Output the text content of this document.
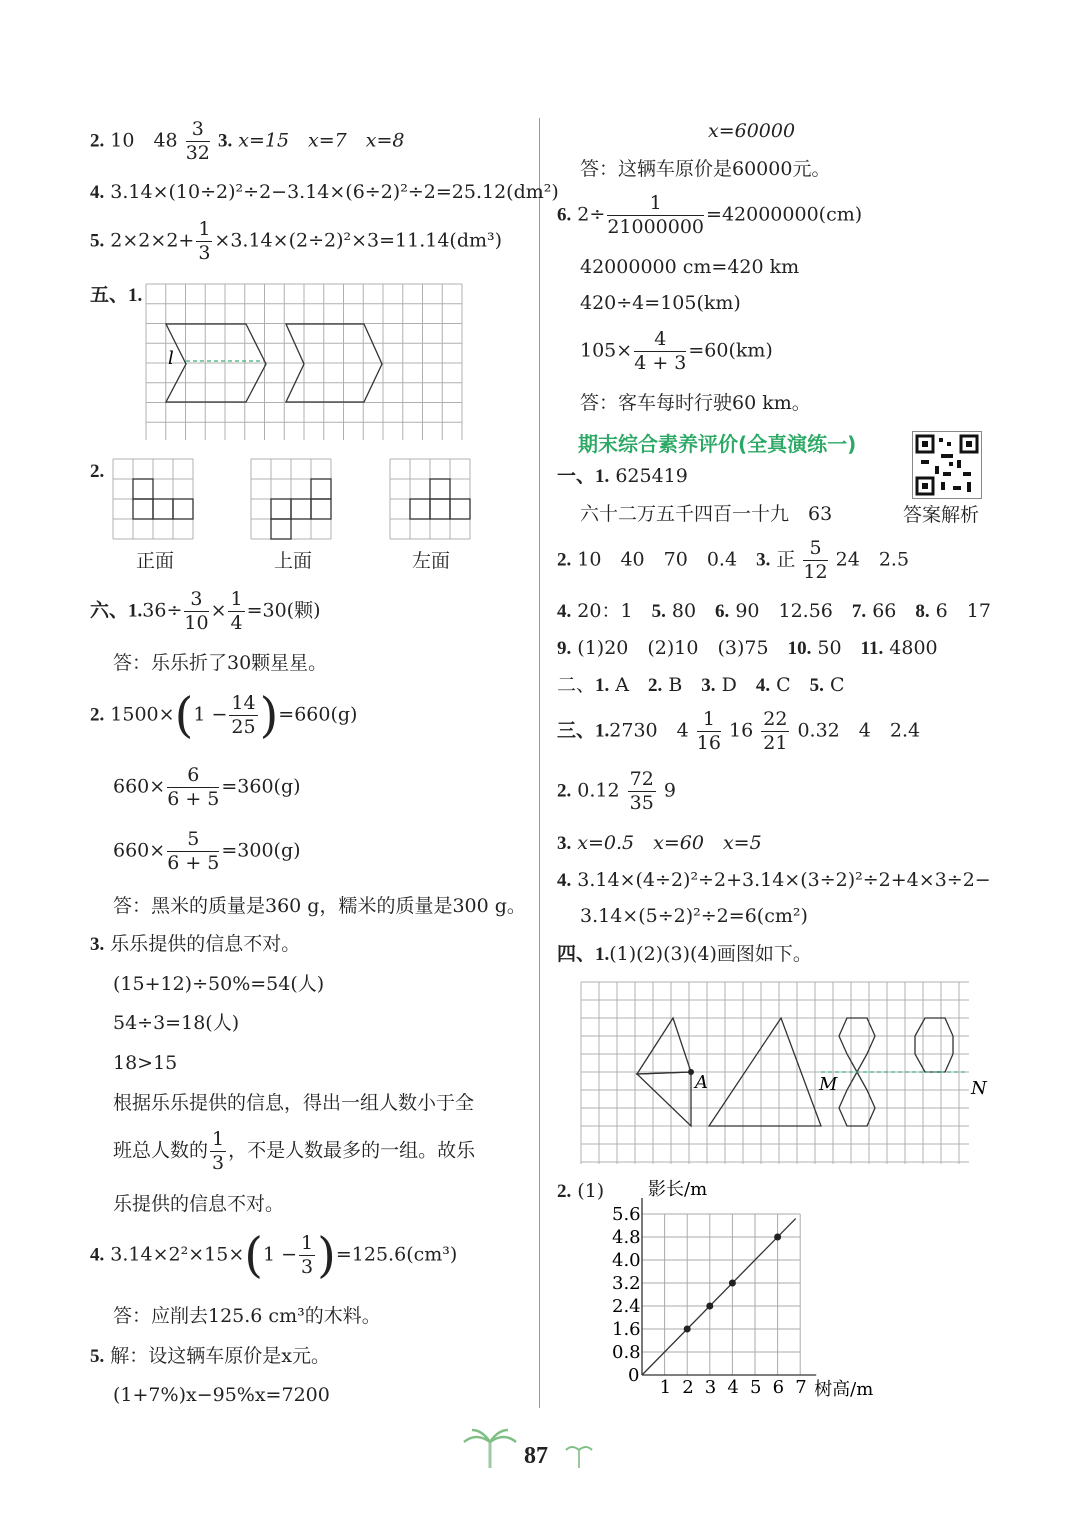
2. 10　$48 \frac{3}{32} 3$. x=15　x=7　x=8
4. 3.14×(10÷2)²÷2−3.14×(6÷2)²÷2=25.12(dm²)
5. $2\times 2\times 2+ \frac{1}{3} \times 3.14\times(2\div 2)^2\times 3=11.14(dm^3)$
五、1.
l
2.
正面	上面	左面
六、$1.36\div \frac{3}{10} \times \frac{1}{4} =30$(颗)
答：乐乐折了30颗星星。
2. $1500\times(1 - \frac{14}{25} )=660(g)$
$660\times \frac{6}{6 + 5} =360(g)$
$660\times \frac{5}{6 + 5} =300(g)$
答：黑米的质量是360 g，糯米的质量是300 g。
3. 乐乐提供的信息不对。
(15+12)÷50%=54(人)
54÷3=18(人)
18>15
根据乐乐提供的信息，得出一组人数小于全
班总人数的 $\frac{1}{3}$ ，不是人数最多的一组。故乐
乐提供的信息不对。
4. $3.14\times 2^2\times 15\times(1 - \frac{1}{3} )=125.6(cm^3)$
答：应削去125.6 cm³的木料。
5. 解：设这辆车原价是x元。
(1+7%)x−95%x=7200
x=60000
答：这辆车原价是60000元。
6. $2\div \frac{1}{21000000} =42000000(cm)$
42000000 cm=420 km
420÷4=105(km)
$105\times \frac{4}{4 + 3} =60(km)$
答：客车每时行驶60 km。
期末综合素养评价(全真演练一)
一、1. 625419
六十二万五千四百一十九　63	答案解析
2. 10　40　70　0.4　 3. 正 $\frac{5}{12} 24$　2.5
4. 20：1　5. 80　6. 90　12.56　7. 66　8. 6　17
9. (1)20　(2)10　(3)75　10. 50　11. 4800
二、1. A　2. B　3. D　4. C　5. C
三、1.2730　$4 \frac{1}{16} 16 \frac{22}{21} 0.32$　4　2.4
2. $0.12 \frac{72}{35} 9$
3. x=0.5　x=60　x=5
4. 3.14×(4÷2)²÷2+3.14×(3÷2)²÷2+4×3÷2−
3.14×(5÷2)²÷2=6(cm²)
四、1.(1)(2)(3)(4)画图如下。
A	M	N
2. (1)
0.8
1.6
2.4
3.2
4.0
4.8
5.6
1 2 3 4 5 6 7
影长/m
树高/m
0
87
